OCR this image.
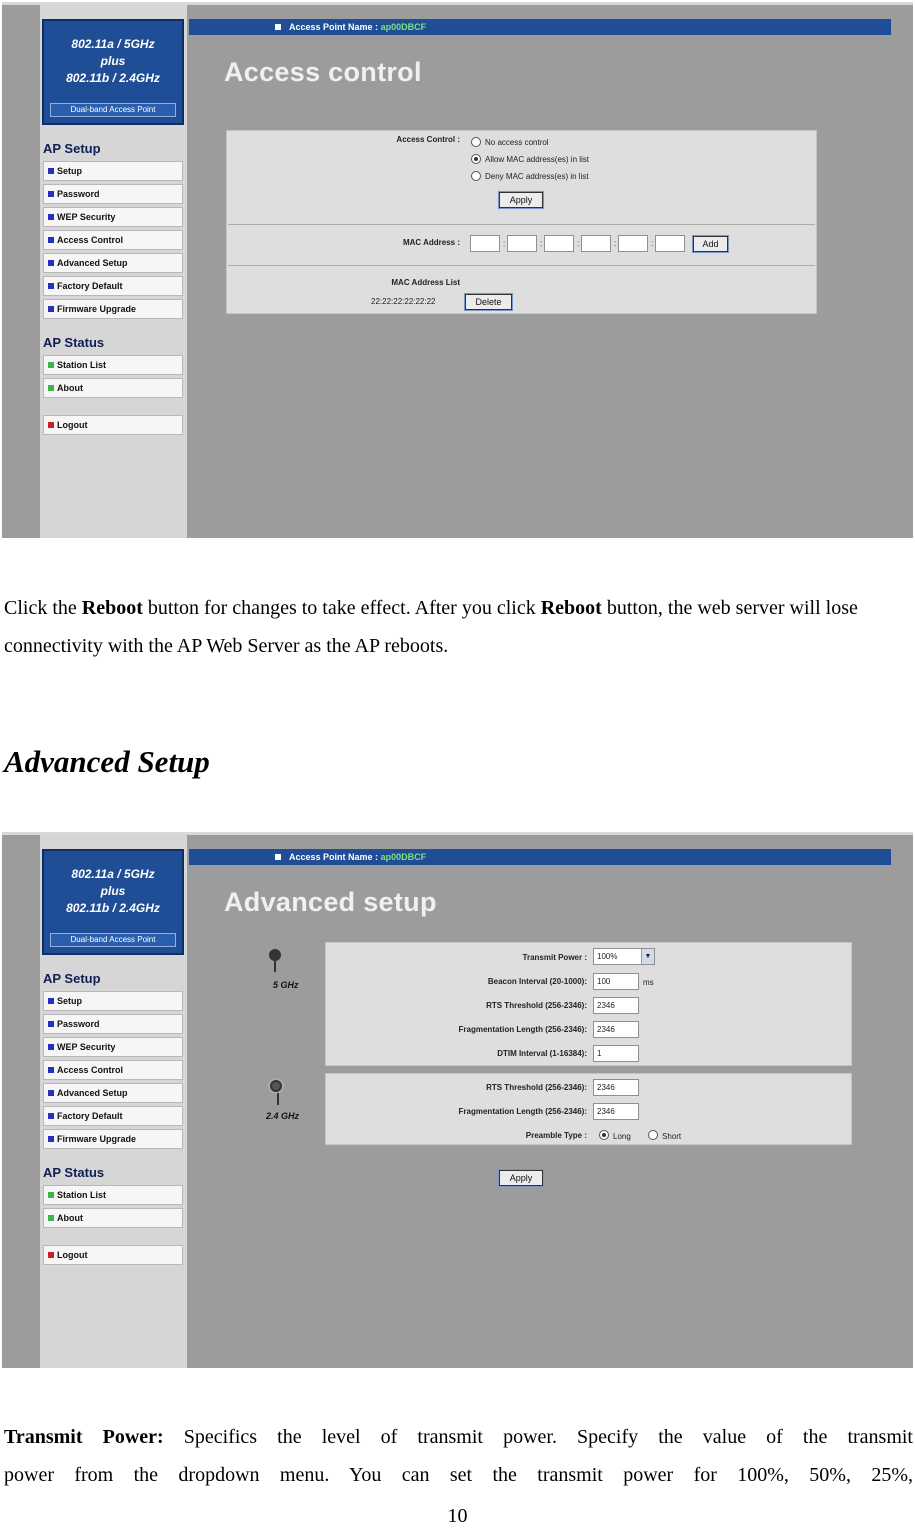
802.11a / 5GHz
plus
802.11b / 2.4GHz
Dual-band Access Point
AP Setup
Setup
Password
WEP Security
Access Control
Advanced Setup
Factory Default
Firmware Upgrade
AP Status
Station List
About
Logout
Access Point Name : ap00DBCF
Access control
Access Control :	No access control
Allow MAC address(es) in list
Deny MAC address(es) in list
Apply
MAC Address :	:	:	:	:	:	Add
MAC Address List
22:22:22:22:22:22	Delete
Click the Reboot button for changes to take effect. After you click Reboot button, the web server will lose connectivity with the AP Web Server as the AP reboots.
Advanced Setup
802.11a / 5GHz
plus
802.11b / 2.4GHz
Dual-band Access Point
AP Setup
Setup
Password
WEP Security
Access Control
Advanced Setup
Factory Default
Firmware Upgrade
AP Status
Station List
About
Logout
Access Point Name : ap00DBCF
Advanced setup
5 GHz
Transmit Power :	100%	▼
Beacon Interval (20-1000):	100	ms
RTS Threshold (256-2346):	2346
Fragmentation Length (256-2346):	2346
DTIM Interval (1-16384):	1
2.4 GHz
RTS Threshold (256-2346):	2346
Fragmentation Length (256-2346):	2346
Preamble Type :	Long	Short
Apply
Transmit Power: Specifics the level of transmit power. Specify the value of the transmit
power from the dropdown menu. You can set the transmit power for 100%, 50%, 25%,
10
